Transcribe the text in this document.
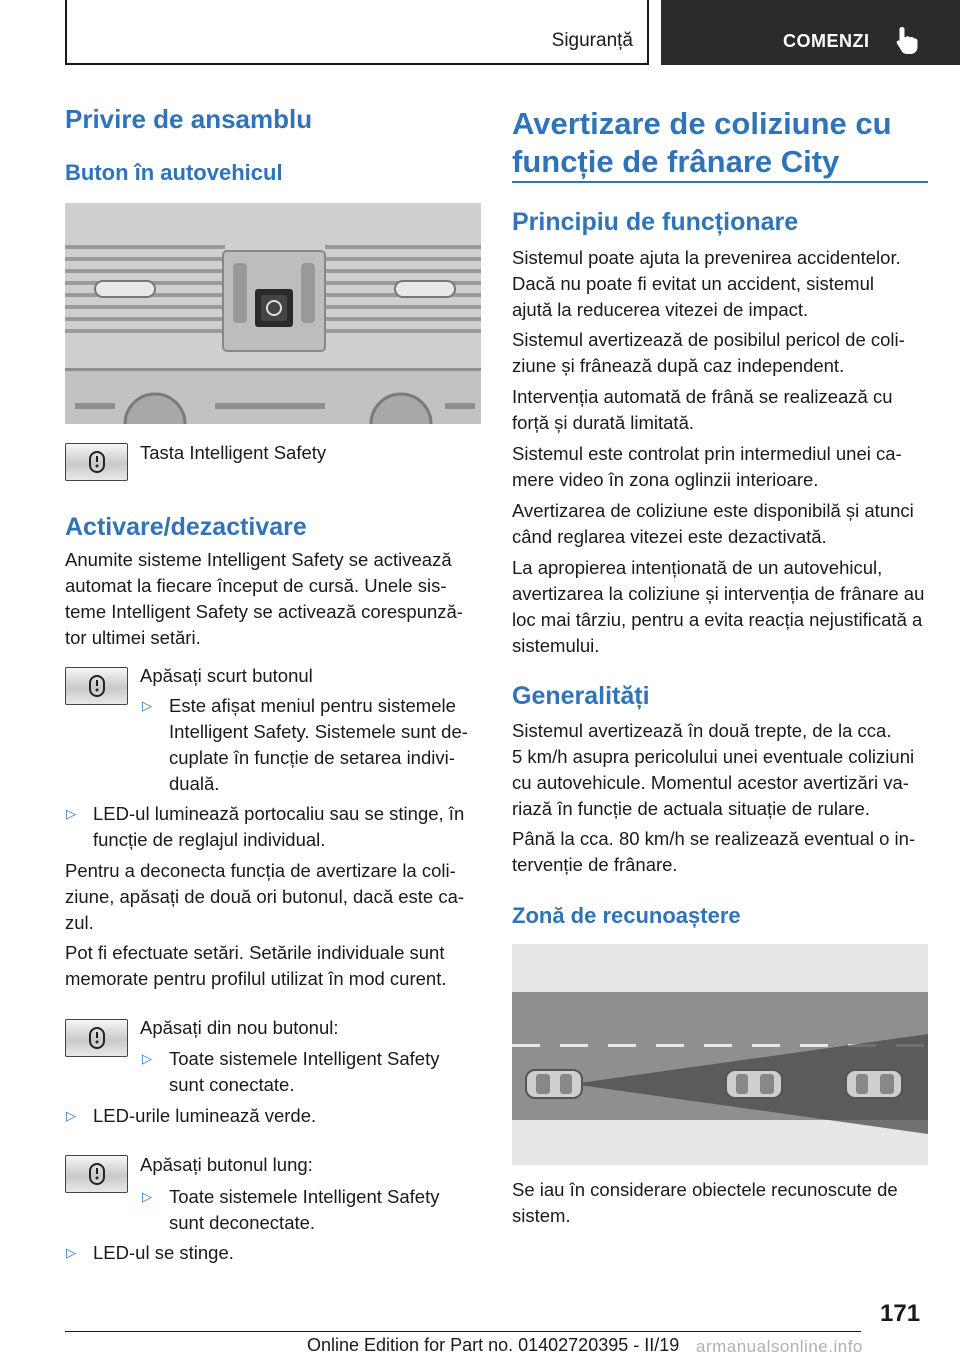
Siguranță	COMENZI
Privire de ansamblu
Buton în autovehicul
Tasta Intelligent Safety
Activare/dezactivare
Anumite sisteme Intelligent Safety se activează
automat la fiecare început de cursă. Unele sis-
teme Intelligent Safety se activează corespunză-
tor ultimei setări.
Apăsați scurt butonul
▷ Este afișat meniul pentru sistemele
Intelligent Safety. Sistemele sunt de-
cuplate în funcție de setarea indivi-
duală.
▷ LED-ul luminează portocaliu sau se stinge, în
funcție de reglajul individual.
Pentru a deconecta funcția de avertizare la coli-
ziune, apăsați de două ori butonul, dacă este ca-
zul.
Pot fi efectuate setări. Setările individuale sunt
memorate pentru profilul utilizat în mod curent.
Apăsați din nou butonul:
▷ Toate sistemele Intelligent Safety
sunt conectate.
▷ LED-urile luminează verde.
Apăsați butonul lung:
▷ Toate sistemele Intelligent Safety
sunt deconectate.
▷ LED-ul se stinge.
Avertizare de coliziune cu
funcție de frânare City
Principiu de funcționare
Sistemul poate ajuta la prevenirea accidentelor.
Dacă nu poate fi evitat un accident, sistemul
ajută la reducerea vitezei de impact.
Sistemul avertizează de posibilul pericol de coli-
ziune și frânează după caz independent.
Intervenția automată de frână se realizează cu
forță și durată limitată.
Sistemul este controlat prin intermediul unei ca-
mere video în zona oglinzii interioare.
Avertizarea de coliziune este disponibilă și atunci
când reglarea vitezei este dezactivată.
La apropierea intenționată de un autovehicul,
avertizarea la coliziune și intervenția de frânare au
loc mai târziu, pentru a evita reacția nejustificată a
sistemului.
Generalități
Sistemul avertizează în două trepte, de la cca.
5 km/h asupra pericolului unei eventuale coliziuni
cu autovehicule. Momentul acestor avertizări va-
riază în funcție de actuala situație de rulare.
Până la cca. 80 km/h se realizează eventual o in-
tervenție de frânare.
Zonă de recunoaștere
Se iau în considerare obiectele recunoscute de
sistem.
171
Online Edition for Part no. 01402720395 - II/19 armanualsonline.info
